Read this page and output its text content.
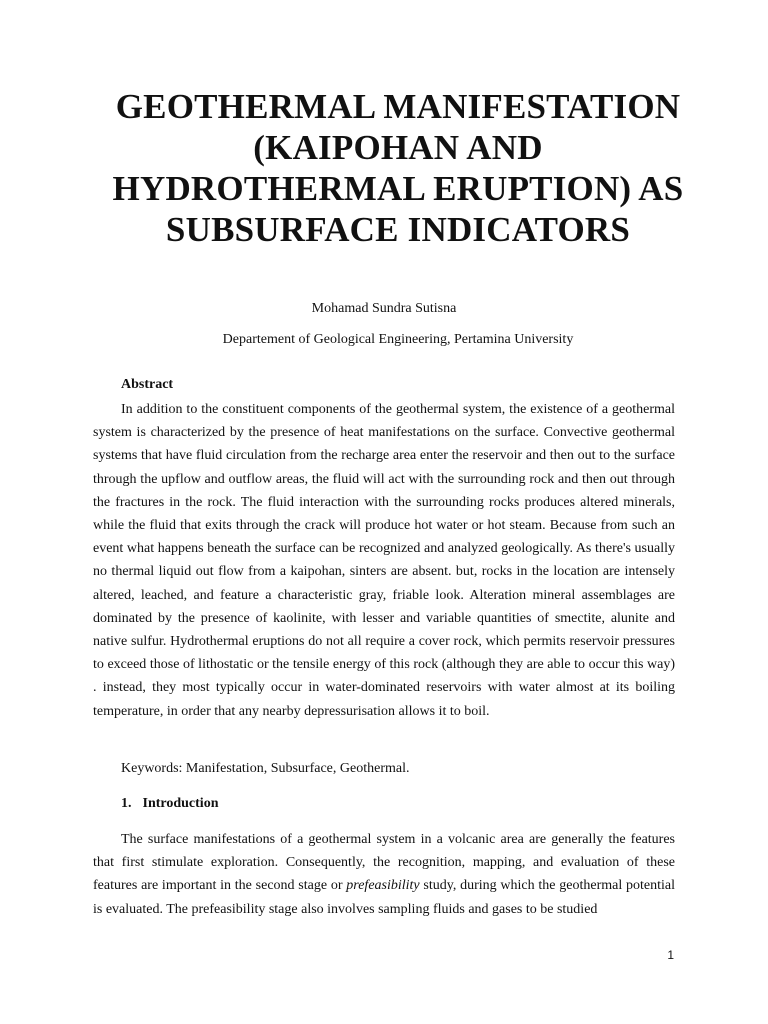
GEOTHERMAL MANIFESTATION (KAIPOHAN AND HYDROTHERMAL ERUPTION) AS SUBSURFACE INDICATORS
Mohamad Sundra Sutisna
Departement of Geological Engineering, Pertamina University
Abstract

In addition to the constituent components of the geothermal system, the existence of a geothermal system is characterized by the presence of heat manifestations on the surface. Convective geothermal systems that have fluid circulation from the recharge area enter the reservoir and then out to the surface through the upflow and outflow areas, the fluid will act with the surrounding rock and then out through the fractures in the rock. The fluid interaction with the surrounding rocks produces altered minerals, while the fluid that exits through the crack will produce hot water or hot steam. Because from such an event what happens beneath the surface can be recognized and analyzed geologically. As there's usually no thermal liquid out flow from a kaipohan, sinters are absent. but, rocks in the location are intensely altered, leached, and feature a characteristic gray, friable look. Alteration mineral assemblages are dominated by the presence of kaolinite, with lesser and variable quantities of smectite, alunite and native sulfur. Hydrothermal eruptions do not all require a cover rock, which permits reservoir pressures to exceed those of lithostatic or the tensile energy of this rock (although they are able to occur this way) . instead, they most typically occur in water-dominated reservoirs with water almost at its boiling temperature, in order that any nearby depressurisation allows it to boil.

Keywords: Manifestation, Subsurface, Geothermal.
1. Introduction

The surface manifestations of a geothermal system in a volcanic area are generally the features that first stimulate exploration. Consequently, the recognition, mapping, and evaluation of these features are important in the second stage or prefeasibility study, during which the geothermal potential is evaluated. The prefeasibility stage also involves sampling fluids and gases to be studied

1
